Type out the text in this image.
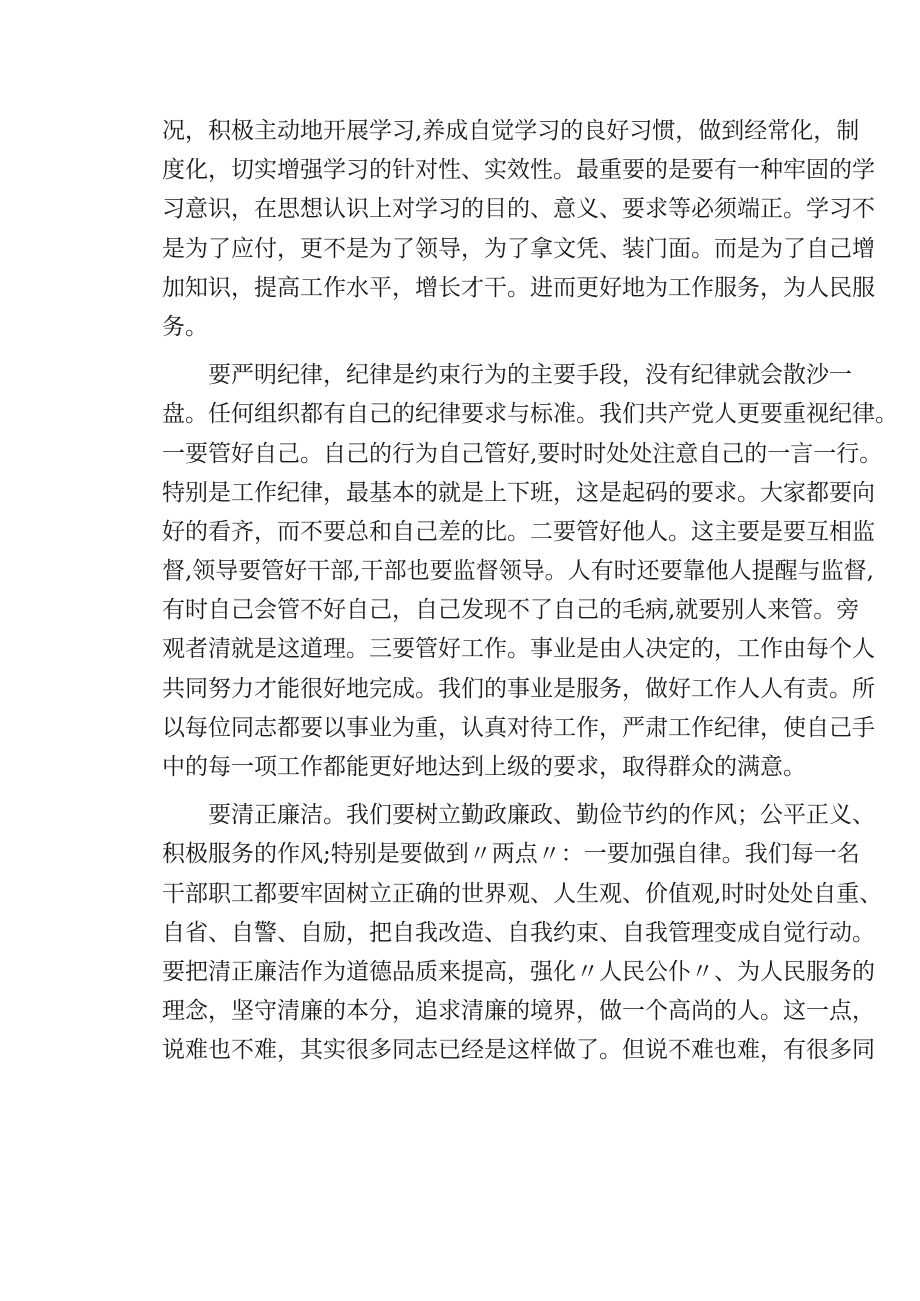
况，积极主动地开展学习,养成自觉学习的良好习惯，做到经常化，制
度化，切实增强学习的针对性、实效性。最重要的是要有一种牢固的学
习意识，在思想认识上对学习的目的、意义、要求等必须端正。学习不
是为了应付，更不是为了领导，为了拿文凭、装门面。而是为了自己增
加知识，提高工作水平，增长才干。进而更好地为工作服务，为人民服
务。
　　要严明纪律，纪律是约束行为的主要手段，没有纪律就会散沙一
盘。任何组织都有自己的纪律要求与标准。我们共产党人更要重视纪律。
一要管好自己。自己的行为自己管好,要时时处处注意自己的一言一行。
特别是工作纪律，最基本的就是上下班，这是起码的要求。大家都要向
好的看齐，而不要总和自己差的比。二要管好他人。这主要是要互相监
督,领导要管好干部,干部也要监督领导。人有时还要靠他人提醒与监督,
有时自己会管不好自己，自己发现不了自己的毛病,就要别人来管。旁
观者清就是这道理。三要管好工作。事业是由人决定的，工作由每个人
共同努力才能很好地完成。我们的事业是服务，做好工作人人有责。所
以每位同志都要以事业为重，认真对待工作，严肃工作纪律，使自己手
中的每一项工作都能更好地达到上级的要求，取得群众的满意。
　　要清正廉洁。我们要树立勤政廉政、勤俭节约的作风；公平正义、
积极服务的作风;特别是要做到〃两点〃：一要加强自律。我们每一名
干部职工都要牢固树立正确的世界观、人生观、价值观,时时处处自重、
自省、自警、自励，把自我改造、自我约束、自我管理变成自觉行动。
要把清正廉洁作为道德品质来提高，强化〃人民公仆〃、为人民服务的
理念，坚守清廉的本分，追求清廉的境界，做一个高尚的人。这一点，
说难也不难，其实很多同志已经是这样做了。但说不难也难，有很多同
